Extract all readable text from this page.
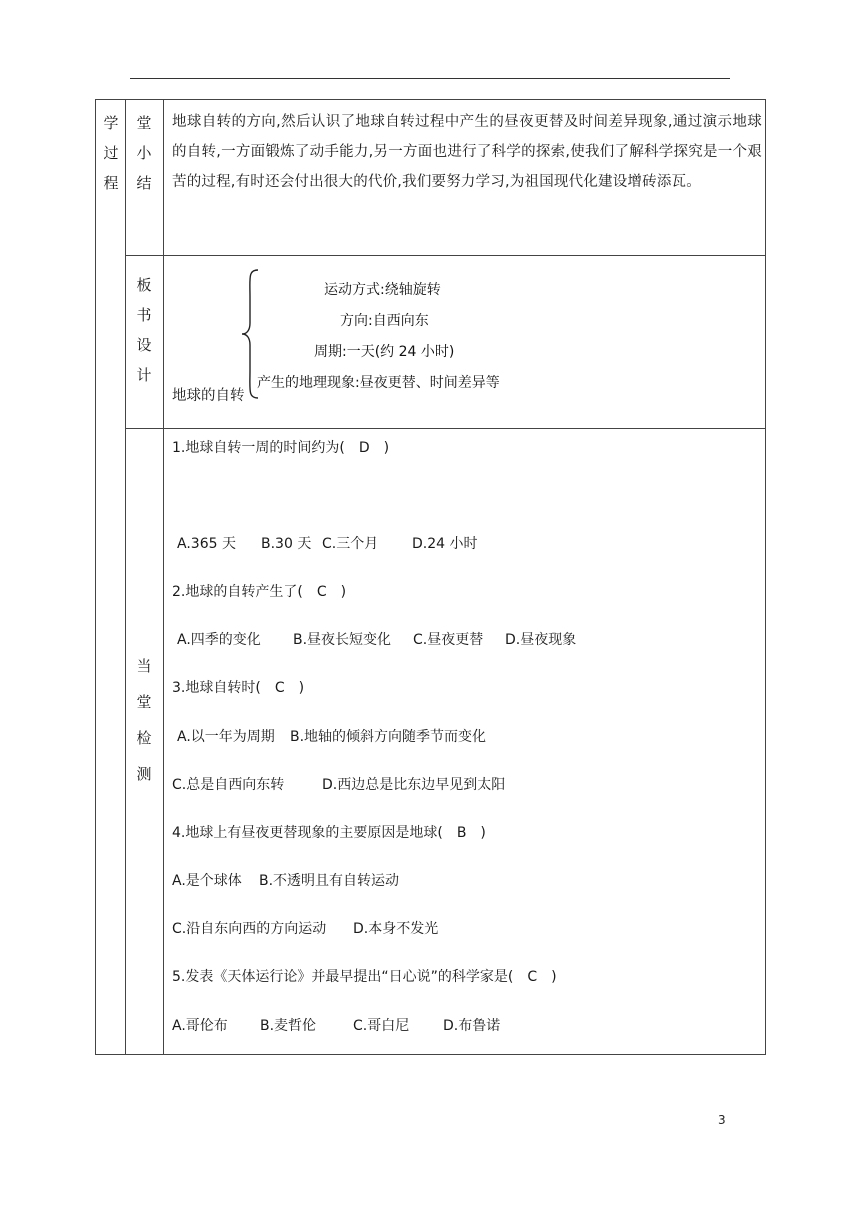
学
过
程
堂
小
结
地球自转的方向,然后认识了地球自转过程中产生的昼夜更替及时间差异现象,通过演示地球的自转,一方面锻炼了动手能力,另一方面也进行了科学的探索,使我们了解科学探究是一个艰苦的过程,有时还会付出很大的代价,我们要努力学习,为祖国现代化建设增砖添瓦。
板
书
设
计
运动方式:绕轴旋转
方向:自西向东
周期:一天(约 24 小时)
产生的地理现象:昼夜更替、时间差异等
地球的自转
当
堂
检
测
1.地球自转一周的时间约为(　D　)
A.365 天 B.30 天 C.三个月 D.24 小时
2.地球的自转产生了(　C　)
A.四季的变化 B.昼夜长短变化 C.昼夜更替 D.昼夜现象
3.地球自转时(　C　)
A.以一年为周期 B.地轴的倾斜方向随季节而变化
C.总是自西向东转	D.西边总是比东边早见到太阳
4.地球上有昼夜更替现象的主要原因是地球(　B　)
A.是个球体 B.不透明且有自转运动
C.沿自东向西的方向运动 D.本身不发光
5.发表《天体运行论》并最早提出“日心说”的科学家是(　C　)
A.哥伦布 B.麦哲伦	C.哥白尼 D.布鲁诺
3
